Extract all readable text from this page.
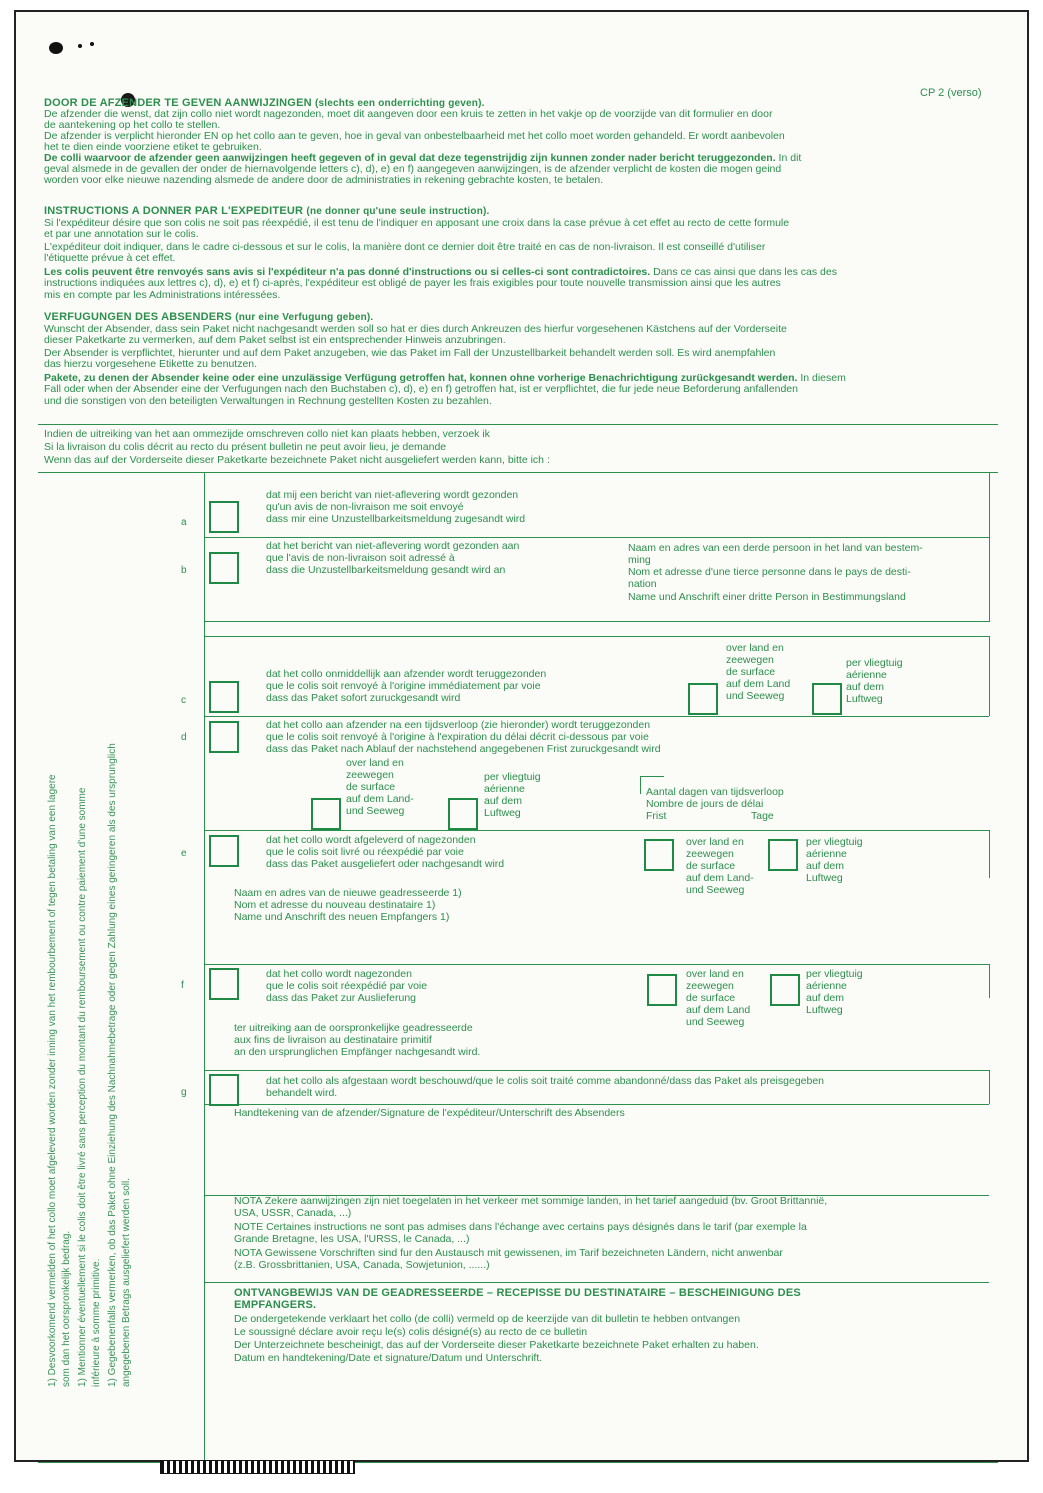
CP 2 (verso)
DOOR DE AFZENDER TE GEVEN AANWIJZINGEN (slechts een onderrichting geven).
De afzender die wenst, dat zijn collo niet wordt nagezonden, moet dit aangeven door een kruis te zetten in het vakje op de voorzijde van dit formulier en door
de aantekening op het collo te stellen.
De afzender is verplicht hieronder EN op het collo aan te geven, hoe in geval van onbestelbaarheid met het collo moet worden gehandeld. Er wordt aanbevolen
het te dien einde voorziene etiket te gebruiken.
De colli waarvoor de afzender geen aanwijzingen heeft gegeven of in geval dat deze tegenstrijdig zijn kunnen zonder nader bericht teruggezonden. In dit
geval alsmede in de gevallen der onder de hiernavolgende letters c), d), e) en f) aangegeven aanwijzingen, is de afzender verplicht de kosten die mogen geind
worden voor elke nieuwe nazending alsmede de andere door de administraties in rekening gebrachte kosten, te betalen.
INSTRUCTIONS A DONNER PAR L'EXPEDITEUR (ne donner qu'une seule instruction).
Si l'expéditeur désire que son colis ne soit pas réexpédié, il est tenu de l'indiquer en apposant une croix dans la case prévue à cet effet au recto de cette formule
et par une annotation sur le colis.
L'expéditeur doit indiquer, dans le cadre ci-dessous et sur le colis, la manière dont ce dernier doit être traité en cas de non-livraison. Il est conseillé d'utiliser
l'étiquette prévue à cet effet.
Les colis peuvent être renvoyés sans avis si l'expéditeur n'a pas donné d'instructions ou si celles-ci sont contradictoires. Dans ce cas ainsi que dans les cas des
instructions indiquées aux lettres c), d), e) et f) ci-après, l'expéditeur est obligé de payer les frais exigibles pour toute nouvelle transmission ainsi que les autres
mis en compte par les Administrations intéressées.
VERFUGUNGEN DES ABSENDERS (nur eine Verfugung geben).
Wunscht der Absender, dass sein Paket nicht nachgesandt werden soll so hat er dies durch Ankreuzen des hierfur vorgesehenen Kästchens auf der Vorderseite
dieser Paketkarte zu vermerken, auf dem Paket selbst ist ein entsprechender Hinweis anzubringen.
Der Absender is verpflichtet, hierunter und auf dem Paket anzugeben, wie das Paket im Fall der Unzustellbarkeit behandelt werden soll. Es wird anempfahlen
das hierzu vorgesehene Etikette zu benutzen.
Pakete, zu denen der Absender keine oder eine unzulässige Verfügung getroffen hat, konnen ohne vorherige Benachrichtigung zurückgesandt werden. In diesem
Fall oder when der Absender eine der Verfugungen nach den Buchstaben c), d), e) en f) getroffen hat, ist er verpflichtet, die fur jede neue Beforderung anfallenden
und die sonstigen von den beteiligten Verwaltungen in Rechnung gestellten Kosten zu bezahlen.
Indien de uitreiking van het aan ommezijde omschreven collo niet kan plaats hebben, verzoek ik
Si la livraison du colis décrit au recto du présent bulletin ne peut avoir lieu, je demande
Wenn das auf der Vorderseite dieser Paketkarte bezeichnete Paket nicht ausgeliefert werden kann, bitte ich :
a
dat mij een bericht van niet-aflevering wordt gezonden
qu'un avis de non-livraison me soit envoyé
dass mir eine Unzustellbarkeitsmeldung zugesandt wird
b
dat het bericht van niet-aflevering wordt gezonden aan
que l'avis de non-livraison soit adressé à
dass die Unzustellbarkeitsmeldung gesandt wird an
Naam en adres van een derde persoon in het land van bestem-
ming
Nom et adresse d'une tierce personne dans le pays de desti-
nation
Name und Anschrift einer dritte Person in Bestimmungsland
c
dat het collo onmiddellijk aan afzender wordt teruggezonden
que le colis soit renvoyé à l'origine immédiatement par voie
dass das Paket sofort zuruckgesandt wird
over land en
zeewegen
de surface
auf dem Land
und Seeweg
per vliegtuig
aérienne
auf dem
Luftweg
d
dat het collo aan afzender na een tijdsverloop (zie hieronder) wordt teruggezonden
que le colis soit renvoyé à l'origine à l'expiration du délai décrit ci-dessous par voie
dass das Paket nach Ablauf der nachstehend angegebenen Frist zuruckgesandt wird
over land en
zeewegen
de surface
auf dem Land-
und Seeweg
per vliegtuig
aérienne
auf dem
Luftweg
Aantal dagen van tijdsverloop
Nombre de jours de délai
Frist	Tage
e
dat het collo wordt afgeleverd of nagezonden
que le colis soit livré ou réexpédié par voie
dass das Paket ausgeliefert oder nachgesandt wird
over land en
zeewegen
de surface
auf dem Land-
und Seeweg
per vliegtuig
aérienne
auf dem
Luftweg
Naam en adres van de nieuwe geadresseerde 1)
Nom et adresse du nouveau destinataire 1)
Name und Anschrift des neuen Empfangers 1)
f
dat het collo wordt nagezonden
que le colis soit réexpédié par voie
dass das Paket zur Auslieferung
over land en
zeewegen
de surface
auf dem Land
und Seeweg
per vliegtuig
aérienne
auf dem
Luftweg
ter uitreiking aan de oorspronkelijke geadresseerde
aux fins de livraison au destinataire primitif
an den ursprunglichen Empfänger nachgesandt wird.
g
dat het collo als afgestaan wordt beschouwd/que le colis soit traité comme abandonné/dass das Paket als preisgegeben
behandelt wird.
Handtekening van de afzender/Signature de l'expéditeur/Unterschrift des Absenders
NOTA Zekere aanwijzingen zijn niet toegelaten in het verkeer met sommige landen, in het tarief aangeduid (bv. Groot Brittannië,
USA, USSR, Canada, ...)
NOTE Certaines instructions ne sont pas admises dans l'échange avec certains pays désignés dans le tarif (par exemple la
Grande Bretagne, les USA, l'URSS, le Canada, ...)
NOTA Gewissene Vorschriften sind fur den Austausch mit gewissenen, im Tarif bezeichneten Ländern, nicht anwenbar
(z.B. Grossbrittanien, USA, Canada, Sowjetunion, ......)
ONTVANGBEWIJS VAN DE GEADRESSEERDE – RECEPISSE DU DESTINATAIRE – BESCHEINIGUNG DES
EMPFANGERS.
De ondergetekende verklaart het collo (de colli) vermeld op de keerzijde van dit bulletin te hebben ontvangen
Le soussigné déclare avoir reçu le(s) colis désigné(s) au recto de ce bulletin
Der Unterzeichnete bescheinigt, das auf der Vorderseite dieser Paketkarte bezeichnete Paket erhalten zu haben.
Datum en handtekening/Date et signature/Datum und Unterschrift.
1) Desvoorkomend vermelden of het collo moet afgeleverd worden zonder inning van het rembourbement of tegen betaling van een lagere som dan het oorspronkelijk bedrag. 1) Mentionner éventuellement si le colis doit être livré sans perception du montant du remboursement ou contre paiement d'une somme inférieure à somme primitive. 1) Gegebenenfalls vermerken, ob das Paket ohne Einziehung des Nachnahmebetrage oder gegen Zahlung eines geringeren als des ursprunglich angegebenen Betrags ausgeliefert werden soll.
